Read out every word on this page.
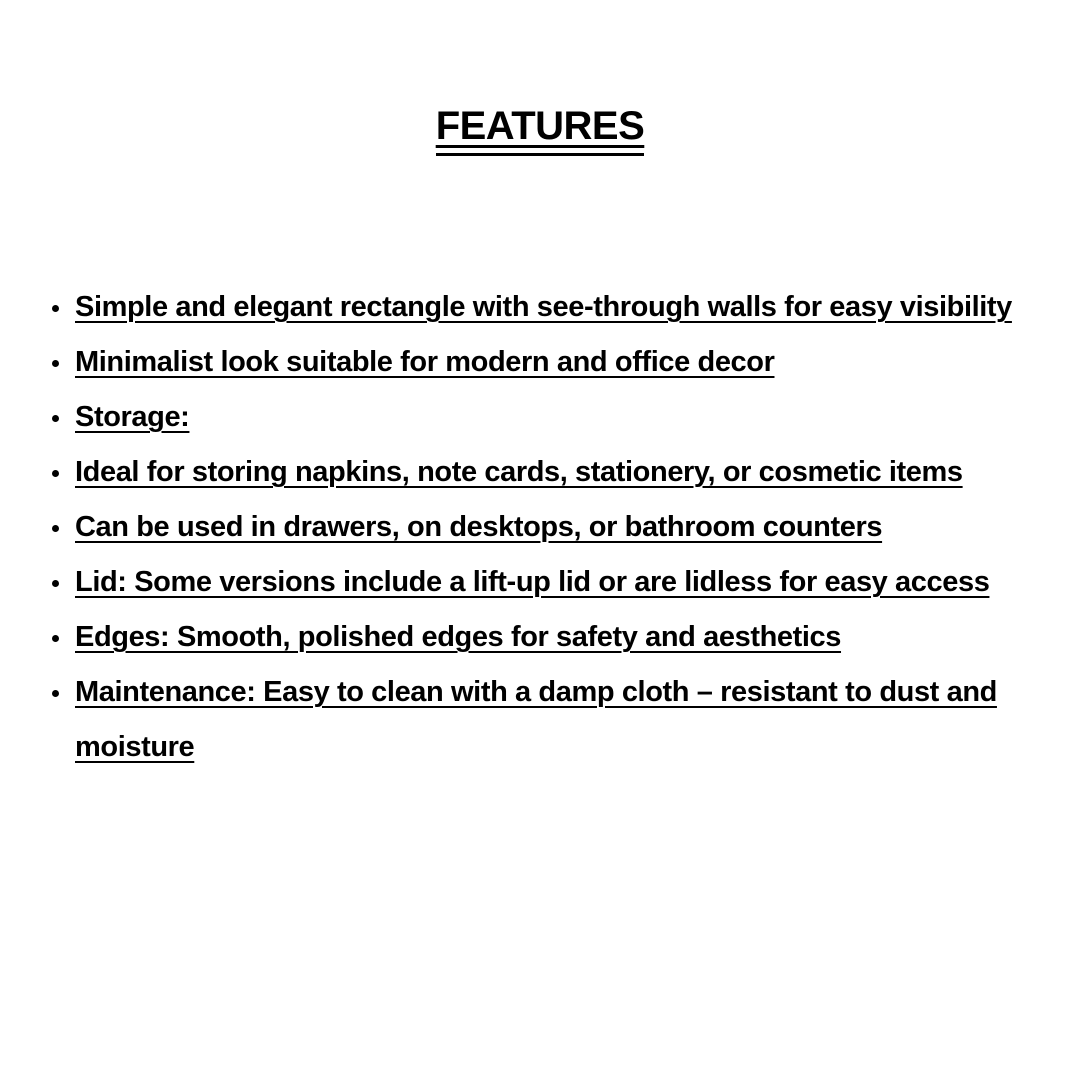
FEATURES
Simple and elegant rectangle with see-through walls for easy visibility
Minimalist look suitable for modern and office decor
Storage:
Ideal for storing napkins, note cards, stationery, or cosmetic items
Can be used in drawers, on desktops, or bathroom counters
Lid: Some versions include a lift-up lid or are lidless for easy access
Edges: Smooth, polished edges for safety and aesthetics
Maintenance: Easy to clean with a damp cloth – resistant to dust and moisture
